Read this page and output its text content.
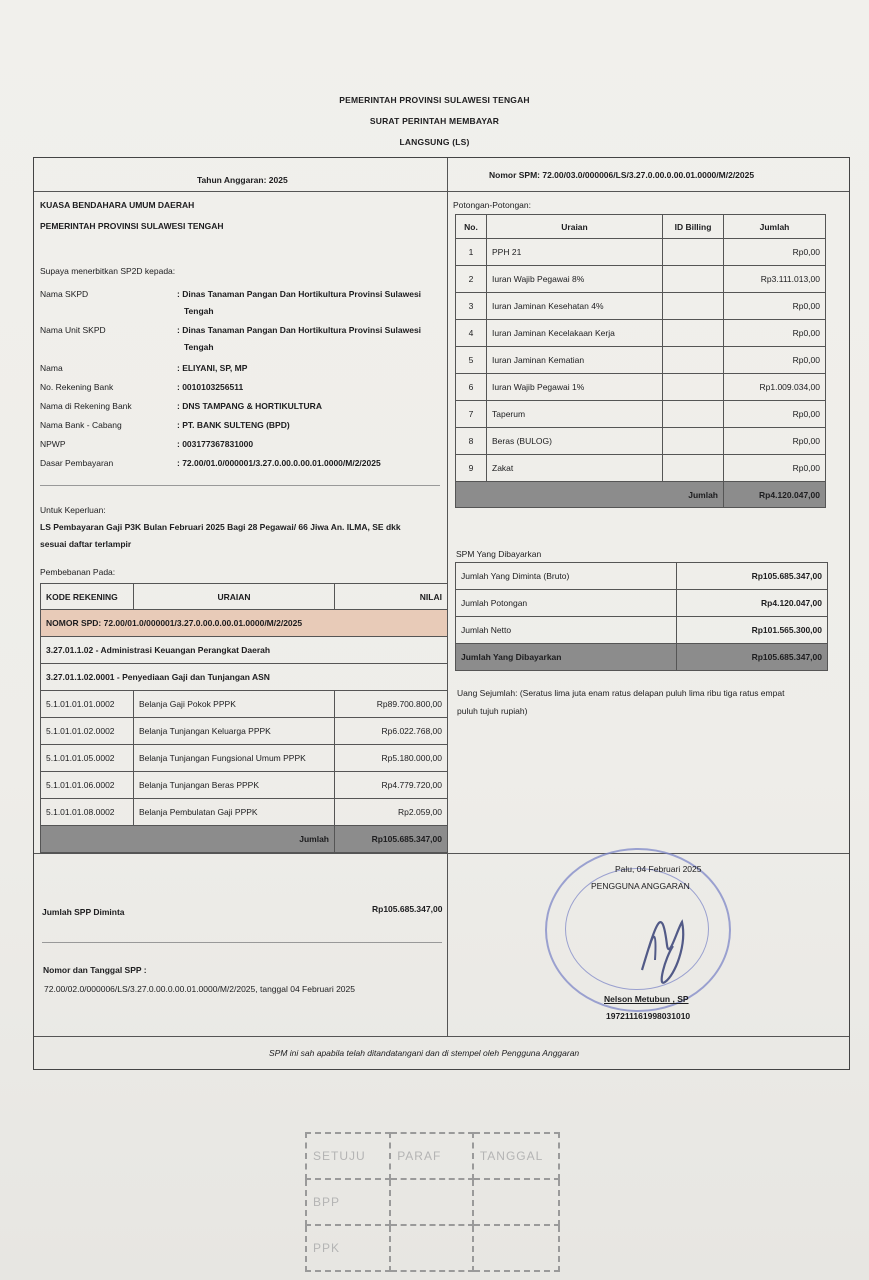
PEMERINTAH PROVINSI SULAWESI TENGAH
SURAT PERINTAH MEMBAYAR
LANGSUNG (LS)
Tahun Anggaran: 2025	Nomor SPM: 72.00/03.0/000006/LS/3.27.0.00.0.00.01.0000/M/2/2025
KUASA BENDAHARA UMUM DAERAH
PEMERINTAH PROVINSI SULAWESI TENGAH
Supaya menerbitkan SP2D kepada:
Nama SKPD	: Dinas Tanaman Pangan Dan Hortikultura Provinsi Sulawesi
Tengah
Nama Unit SKPD	: Dinas Tanaman Pangan Dan Hortikultura Provinsi Sulawesi
Tengah
Nama	: ELIYANI, SP, MP
No. Rekening Bank	: 0010103256511
Nama di Rekening Bank	: DNS TAMPANG & HORTIKULTURA
Nama Bank - Cabang	: PT. BANK SULTENG (BPD)
NPWP	: 003177367831000
Dasar Pembayaran	: 72.00/01.0/000001/3.27.0.00.0.00.01.0000/M/2/2025
Untuk Keperluan:
LS Pembayaran Gaji P3K Bulan Februari 2025 Bagi 28 Pegawai/ 66 Jiwa An. ILMA, SE dkk
sesuai daftar terlampir
Pembebanan Pada:
KODE REKENING	URAIAN	NILAI
NOMOR SPD: 72.00/01.0/000001/3.27.0.00.0.00.01.0000/M/2/2025		
3.27.01.1.02 - Administrasi Keuangan Perangkat Daerah		
3.27.01.1.02.0001 - Penyediaan Gaji dan Tunjangan ASN		
5.1.01.01.01.0002	Belanja Gaji Pokok PPPK	Rp89.700.800,00
5.1.01.01.02.0002	Belanja Tunjangan Keluarga PPPK	Rp6.022.768,00
5.1.01.01.05.0002	Belanja Tunjangan Fungsional Umum PPPK	Rp5.180.000,00
5.1.01.01.06.0002	Belanja Tunjangan Beras PPPK	Rp4.779.720,00
5.1.01.01.08.0002	Belanja Pembulatan Gaji PPPK	Rp2.059,00
Jumlah		Rp105.685.347,00
Potongan-Potongan:
No.	Uraian	ID Billing	Jumlah
1	PPH 21		Rp0,00
2	Iuran Wajib Pegawai 8%		Rp3.111.013,00
3	Iuran Jaminan Kesehatan 4%		Rp0,00
4	Iuran Jaminan Kecelakaan Kerja		Rp0,00
5	Iuran Jaminan Kematian		Rp0,00
6	Iuran Wajib Pegawai 1%		Rp1.009.034,00
7	Taperum		Rp0,00
8	Beras (BULOG)		Rp0,00
9	Zakat		Rp0,00
Jumlah			Rp4.120.047,00
SPM Yang Dibayarkan
Jumlah Yang Diminta (Bruto)	Rp105.685.347,00
Jumlah Potongan	Rp4.120.047,00
Jumlah Netto	Rp101.565.300,00
Jumlah Yang Dibayarkan	Rp105.685.347,00
Uang Sejumlah: (Seratus lima juta enam ratus delapan puluh lima ribu tiga ratus empat
puluh tujuh rupiah)
Jumlah SPP Diminta	Rp105.685.347,00
Nomor dan Tanggal SPP :
72.00/02.0/000006/LS/3.27.0.00.0.00.01.0000/M/2/2025, tanggal 04 Februari 2025
SPM ini sah apabila telah ditandatangani dan di stempel oleh Pengguna Anggaran
Palu, 04 Februari 2025
PENGGUNA ANGGARAN
Nelson Metubun , SP
197211161998031010
SETUJU	PARAF	TANGGAL
BPP		
PPK		
